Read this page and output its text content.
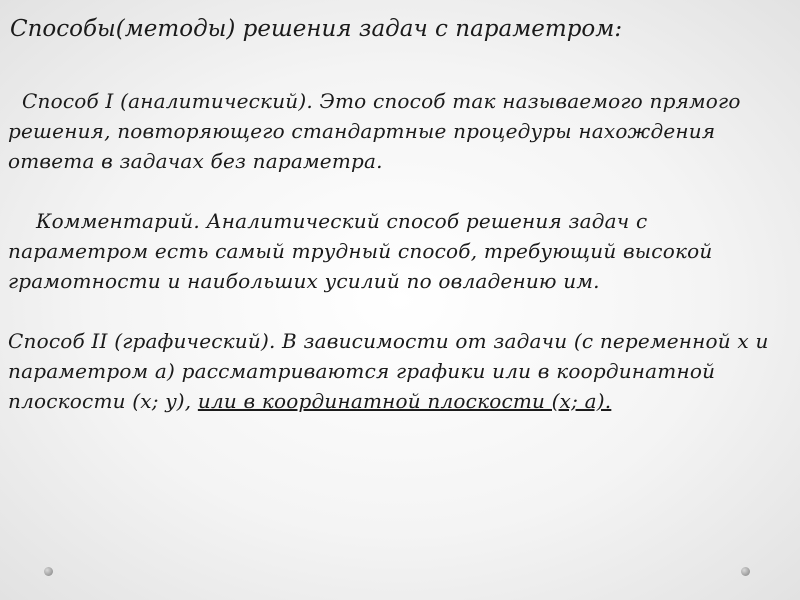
Способы(методы) решения задач с параметром:

Способ I (аналитический). Это способ так называемого прямого решения, повторяющего стандартные процедуры нахождения ответа в задачах без параметра.

Комментарий. Аналитический способ решения задач с параметром есть самый трудный способ, требующий высокой грамотности и наибольших усилий по овладению им.

Способ II (графический). В зависимости от задачи (с переменной x и параметром a) рассматриваются графики или в координатной плоскости (x; y), или в координатной плоскости (x; a).
